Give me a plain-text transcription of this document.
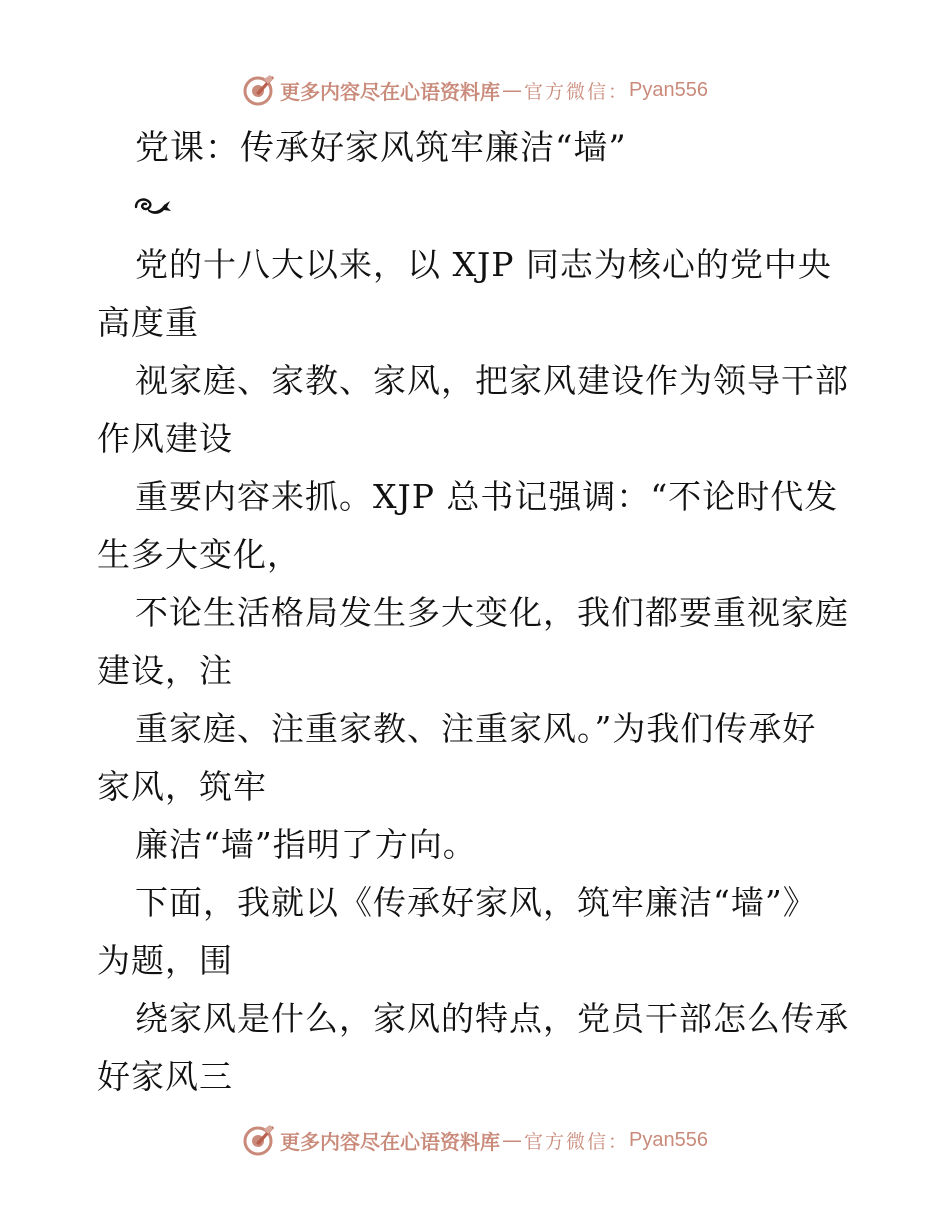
更多内容尽在心语资料库 — 官方微信： Pyan556
党课：传承好家风筑牢廉洁“墙”
党的十八大以来，以 XJP 同志为核心的党中央
高度重
视家庭、家教、家风，把家风建设作为领导干部
作风建设
重要内容来抓。XJP 总书记强调：“不论时代发
生多大变化，
不论生活格局发生多大变化，我们都要重视家庭
建设，注
重家庭、注重家教、注重家风。”为我们传承好
家风，筑牢
廉洁“墙”指明了方向。
下面，我就以《传承好家风，筑牢廉洁“墙”》
为题，围
绕家风是什么，家风的特点，党员干部怎么传承
好家风三
更多内容尽在心语资料库 — 官方微信： Pyan556
